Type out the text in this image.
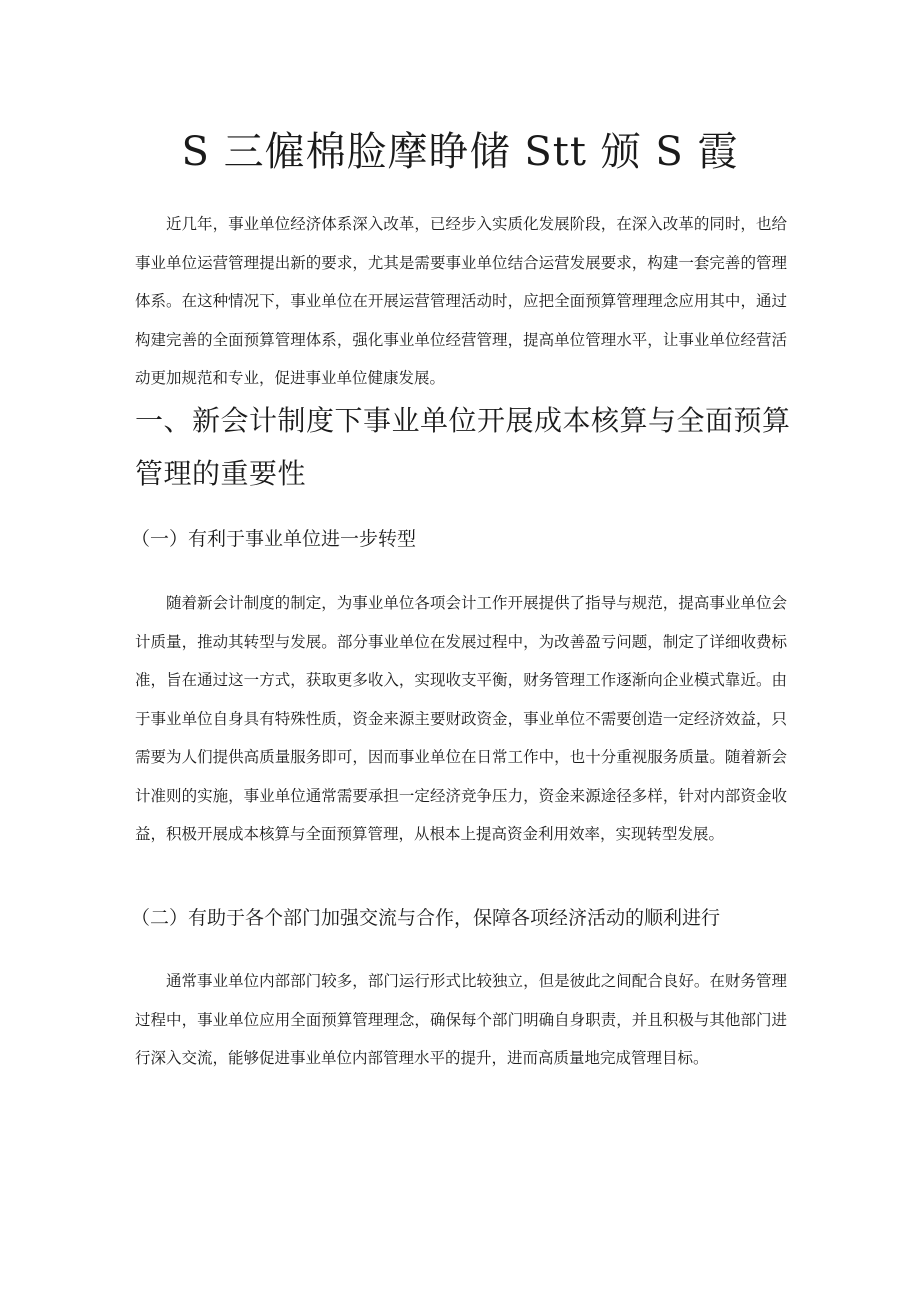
S 三僱棉脸摩睁储 Stt 颁 S 霞

近几年，事业单位经济体系深入改革，已经步入实质化发展阶段，在深入改革的同时，也给事业单位运营管理提出新的要求，尤其是需要事业单位结合运营发展要求，构建一套完善的管理体系。在这种情况下，事业单位在开展运营管理活动时，应把全面预算管理理念应用其中，通过构建完善的全面预算管理体系，强化事业单位经营管理，提高单位管理水平，让事业单位经营活动更加规范和专业，促进事业单位健康发展。

一、新会计制度下事业单位开展成本核算与全面预算管理的重要性
（一）有利于事业单位进一步转型

随着新会计制度的制定，为事业单位各项会计工作开展提供了指导与规范，提高事业单位会计质量，推动其转型与发展。部分事业单位在发展过程中，为改善盈亏问题，制定了详细收费标准，旨在通过这一方式，获取更多收入，实现收支平衡，财务管理工作逐渐向企业模式靠近。由于事业单位自身具有特殊性质，资金来源主要财政资金，事业单位不需要创造一定经济效益，只需要为人们提供高质量服务即可，因而事业单位在日常工作中，也十分重视服务质量。随着新会计准则的实施，事业单位通常需要承担一定经济竞争压力，资金来源途径多样，针对内部资金收益，积极开展成本核算与全面预算管理，从根本上提高资金利用效率，实现转型发展。

（二）有助于各个部门加强交流与合作，保障各项经济活动的顺利进行

通常事业单位内部部门较多，部门运行形式比较独立，但是彼此之间配合良好。在财务管理过程中，事业单位应用全面预算管理理念，确保每个部门明确自身职责，并且积极与其他部门进行深入交流，能够促进事业单位内部管理水平的提升，进而高质量地完成管理目标。
